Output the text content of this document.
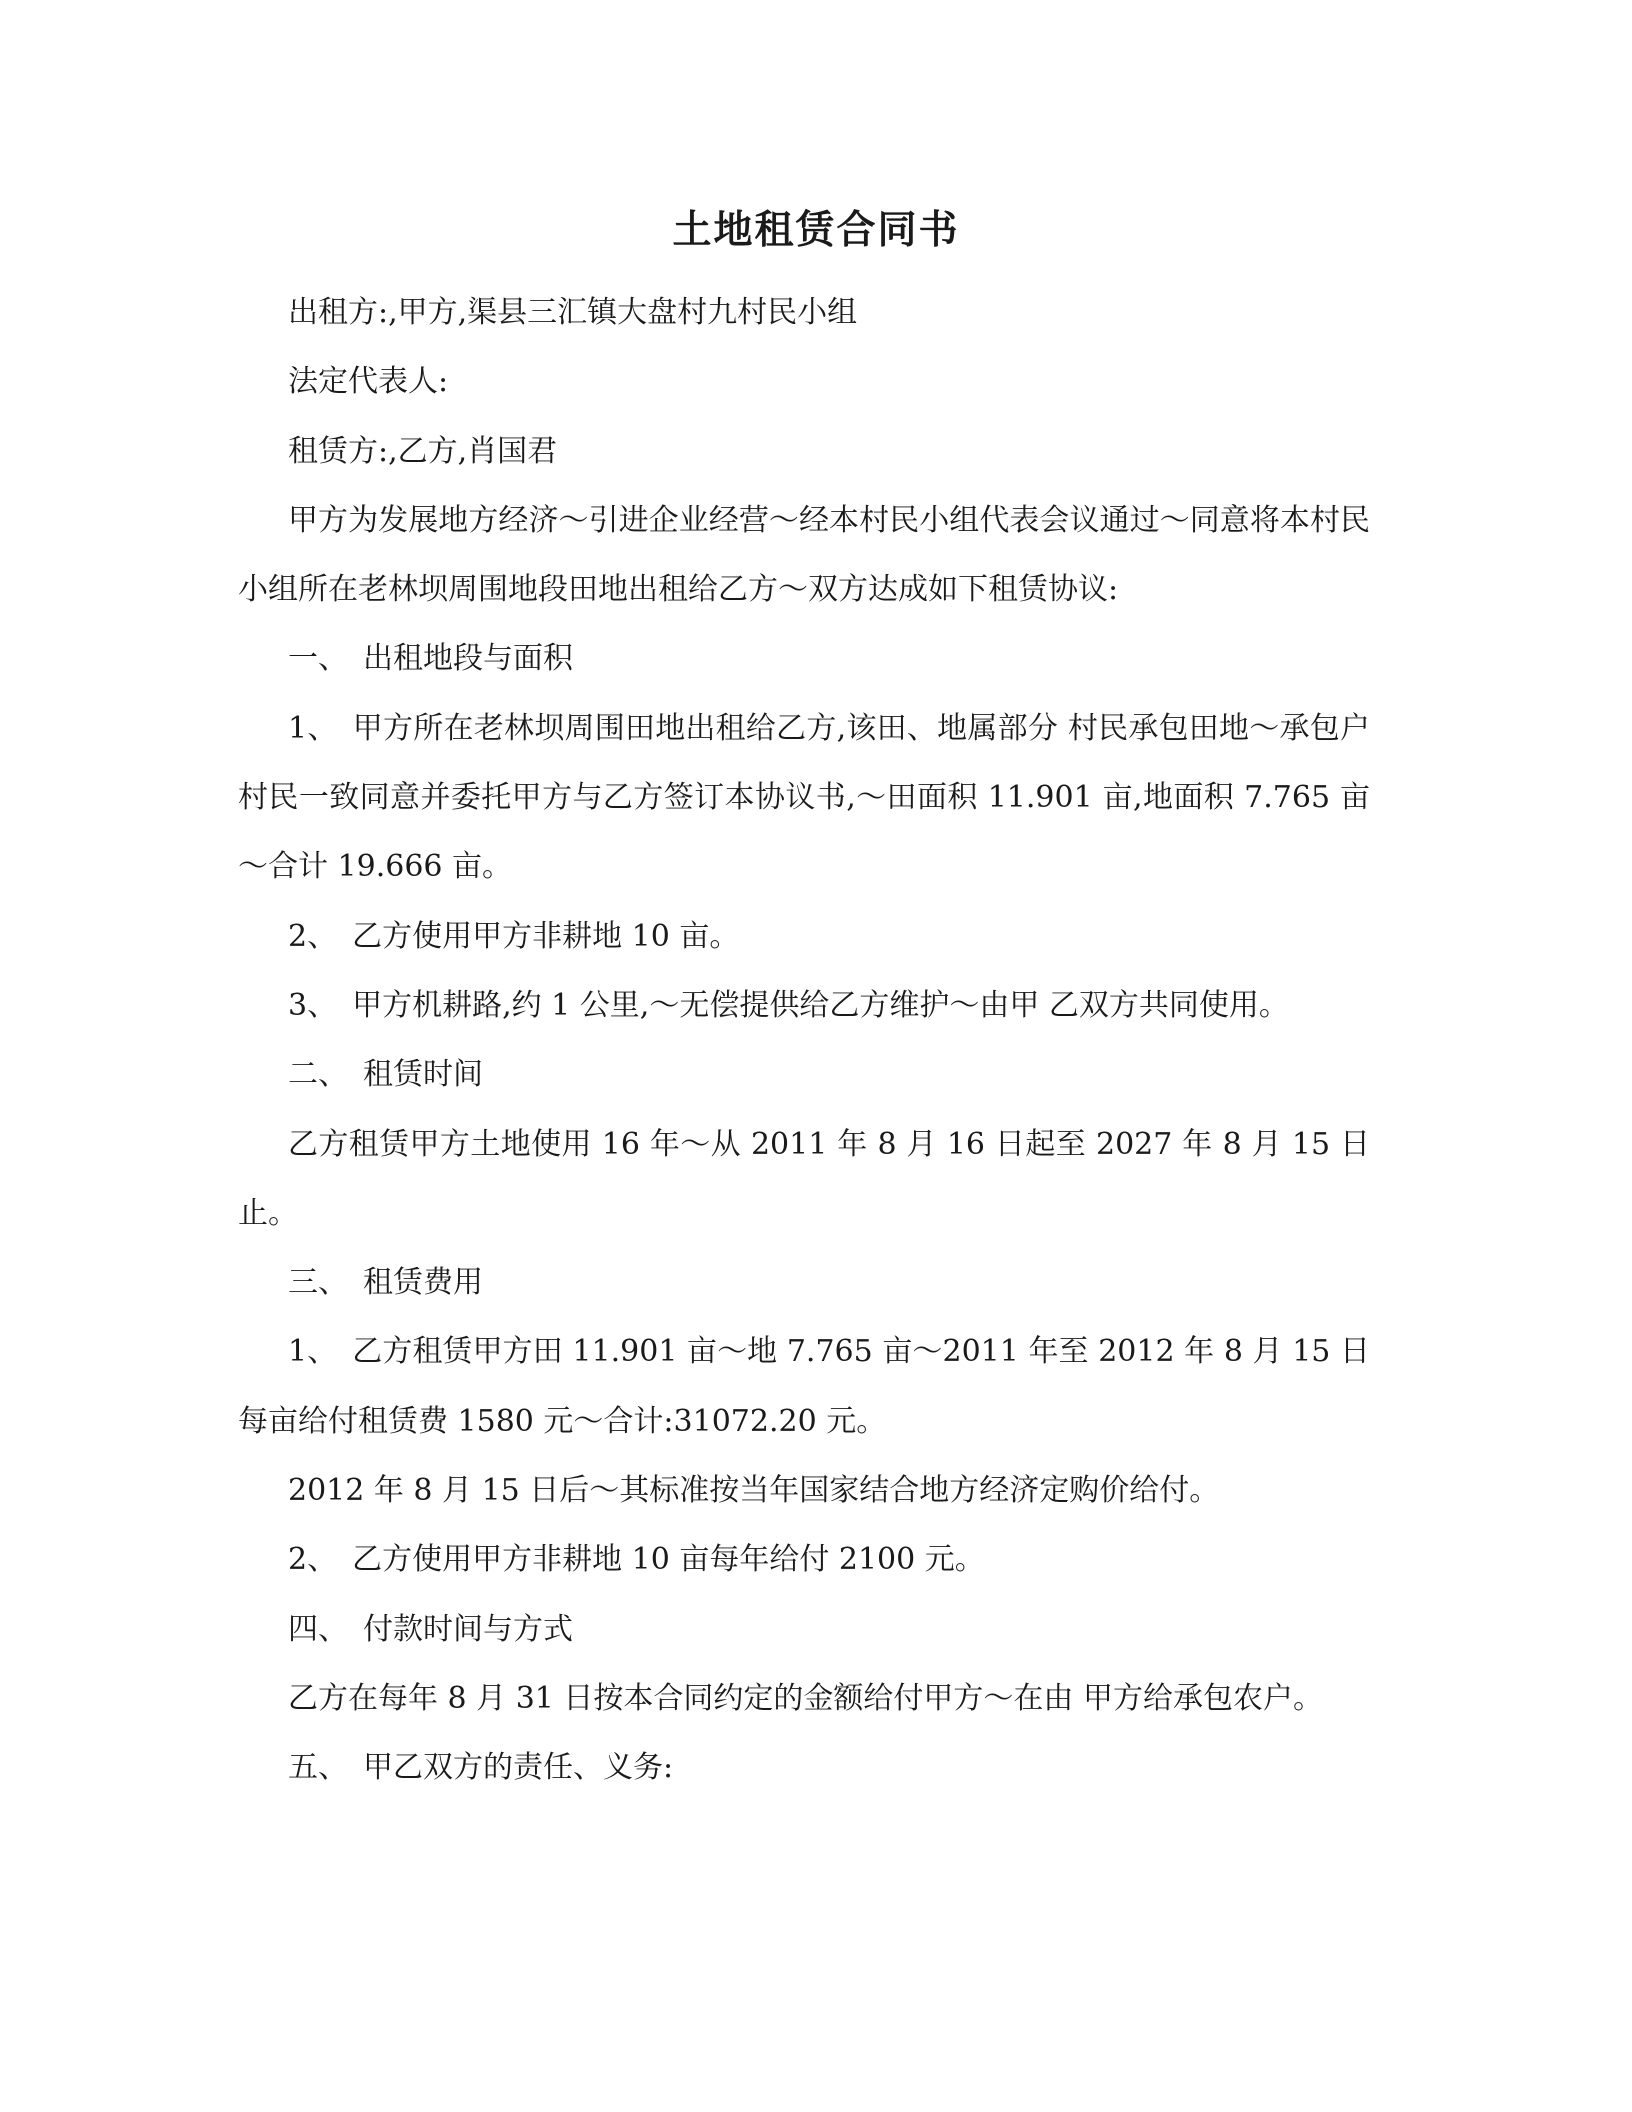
土地租赁合同书

出租方:,甲方,渠县三汇镇大盘村九村民小组

法定代表人:

租赁方:,乙方,肖国君

甲方为发展地方经济～引进企业经营～经本村民小组代表会议通过～同意将本村民小组所在老林坝周围地段田地出租给乙方～双方达成如下租赁协议:

一、　出租地段与面积

1、　甲方所在老林坝周围田地出租给乙方,该田、地属部分 村民承包田地～承包户村民一致同意并委托甲方与乙方签订本协议书,～田面积 11.901 亩,地面积 7.765 亩～合计 19.666 亩。

2、　乙方使用甲方非耕地 10 亩。

3、　甲方机耕路,约 1 公里,～无偿提供给乙方维护～由甲 乙双方共同使用。

二、　租赁时间

乙方租赁甲方土地使用 16 年～从 2011 年 8 月 16 日起至 2027 年 8 月 15 日止。

三、　租赁费用

1、　乙方租赁甲方田 11.901 亩～地 7.765 亩～2011 年至 2012 年 8 月 15 日每亩给付租赁费 1580 元～合计:31072.20 元。

2012 年 8 月 15 日后～其标准按当年国家结合地方经济定购价给付。

2、　乙方使用甲方非耕地 10 亩每年给付 2100 元。

四、　付款时间与方式

乙方在每年 8 月 31 日按本合同约定的金额给付甲方～在由 甲方给承包农户。

五、　甲乙双方的责任、义务:
